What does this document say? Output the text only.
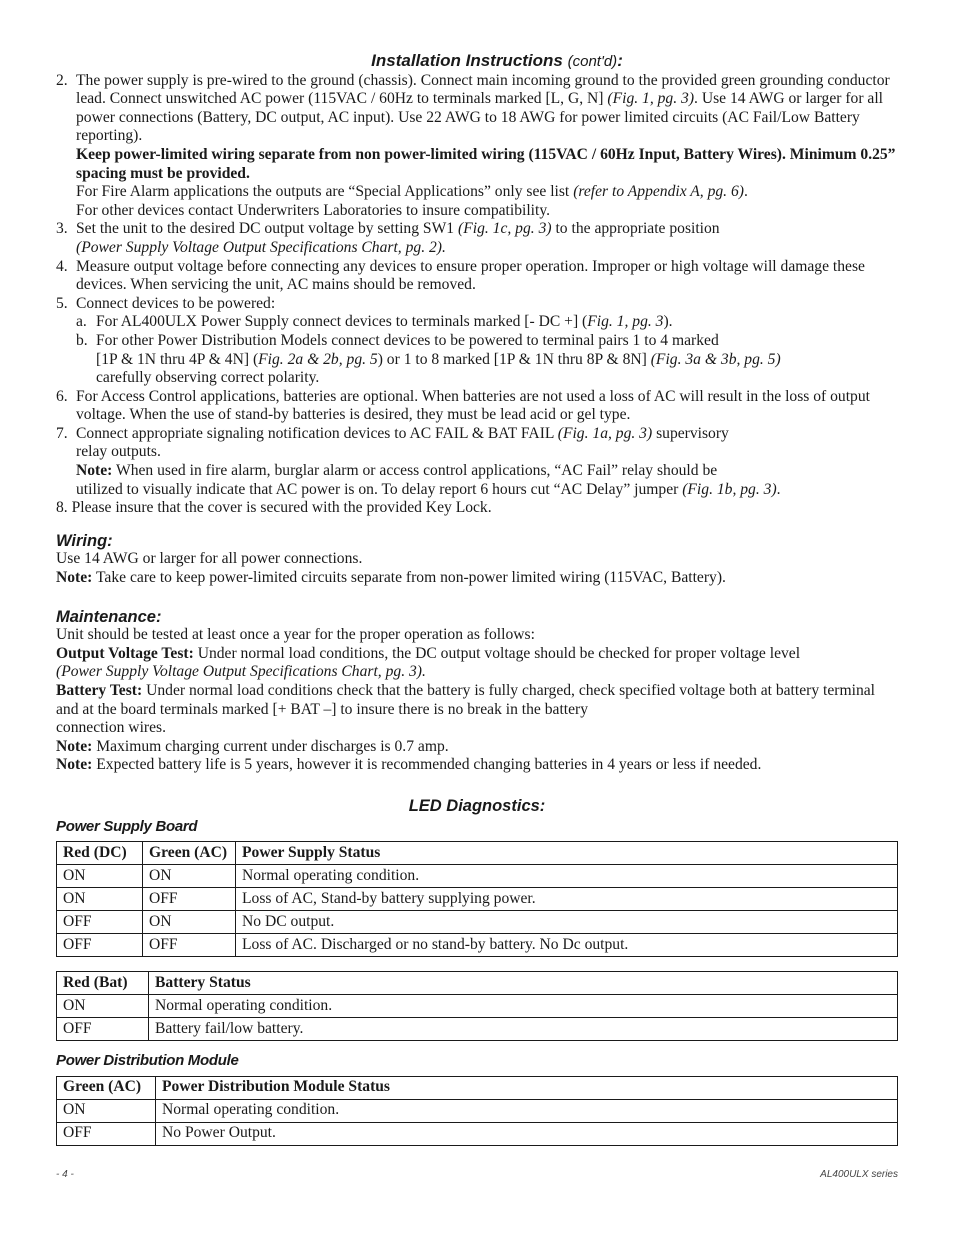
Installation Instructions (cont'd):
2. The power supply is pre-wired to the ground (chassis). Connect main incoming ground to the provided green grounding conductor lead. Connect unswitched AC power (115VAC / 60Hz to terminals marked [L, G, N] (Fig. 1, pg. 3). Use 14 AWG or larger for all power connections (Battery, DC output, AC input). Use 22 AWG to 18 AWG for power limited circuits (AC Fail/Low Battery reporting).
Keep power-limited wiring separate from non power-limited wiring (115VAC / 60Hz Input, Battery Wires). Minimum 0.25” spacing must be provided.
For Fire Alarm applications the outputs are “Special Applications” only see list (refer to Appendix A, pg. 6).
For other devices contact Underwriters Laboratories to insure compatibility.
3. Set the unit to the desired DC output voltage by setting SW1 (Fig. 1c, pg. 3) to the appropriate position
(Power Supply Voltage Output Specifications Chart, pg. 2).
4. Measure output voltage before connecting any devices to ensure proper operation. Improper or high voltage will damage these devices. When servicing the unit, AC mains should be removed.
5. Connect devices to be powered:
a. For AL400ULX Power Supply connect devices to terminals marked [- DC +] (Fig. 1, pg. 3).
b. For other Power Distribution Models connect devices to be powered to terminal pairs 1 to 4 marked
[1P & 1N thru 4P & 4N] (Fig. 2a & 2b, pg. 5) or 1 to 8 marked [1P & 1N thru 8P & 8N] (Fig. 3a & 3b, pg. 5)
carefully observing correct polarity.
6. For Access Control applications, batteries are optional. When batteries are not used a loss of AC will result in the loss of output voltage. When the use of stand-by batteries is desired, they must be lead acid or gel type.
7. Connect appropriate signaling notification devices to AC FAIL & BAT FAIL (Fig. 1a, pg. 3) supervisory
relay outputs.
Note: When used in fire alarm, burglar alarm or access control applications, “AC Fail” relay should be
utilized to visually indicate that AC power is on. To delay report 6 hours cut “AC Delay” jumper (Fig. 1b, pg. 3).

8. Please insure that the cover is secured with the provided Key Lock.

Wiring:

Use 14 AWG or larger for all power connections.

Note: Take care to keep power-limited circuits separate from non-power limited wiring (115VAC, Battery).

Maintenance:

Unit should be tested at least once a year for the proper operation as follows:

Output Voltage Test: Under normal load conditions, the DC output voltage should be checked for proper voltage level
(Power Supply Voltage Output Specifications Chart, pg. 3).

Battery Test: Under normal load conditions check that the battery is fully charged, check specified voltage both at battery terminal and at the board terminals marked [+ BAT –] to insure there is no break in the battery
connection wires.

Note: Maximum charging current under discharges is 0.7 amp.

Note: Expected battery life is 5 years, however it is recommended changing batteries in 4 years or less if needed.

LED Diagnostics:
Power Supply Board
Red (DC)	Green (AC)	Power Supply Status
ON	ON	Normal operating condition.
ON	OFF	Loss of AC, Stand-by battery supplying power.
OFF	ON	No DC output.
OFF	OFF	Loss of AC. Discharged or no stand-by battery. No Dc output.
Red (Bat)	Battery Status
ON	Normal operating condition.
OFF	Battery fail/low battery.
Power Distribution Module
Green (AC)	Power Distribution Module Status
ON	Normal operating condition.
OFF	No Power Output.
- 4 -	AL400ULX series
